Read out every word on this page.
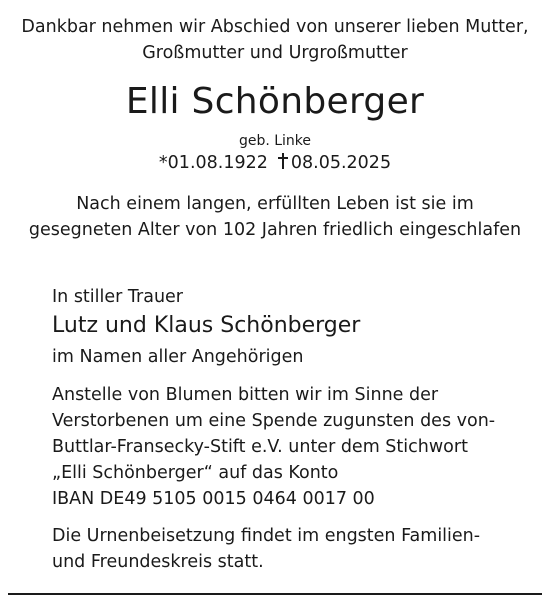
Dankbar nehmen wir Abschied von unserer lieben Mutter,

Großmutter und Urgroßmutter

Elli Schönberger
geb. Linke
*01.08.1922 08.05.2025

Nach einem langen, erfüllten Leben ist sie im

gesegneten Alter von 102 Jahren friedlich eingeschlafen

In stiller Trauer
Lutz und Klaus Schönberger
im Namen aller Angehörigen

Anstelle von Blumen bitten wir im Sinne der

Verstorbenen um eine Spende zugunsten des von-

Buttlar-Fransecky-Stift e.V. unter dem Stichwort

„Elli Schönberger“ auf das Konto

IBAN DE49 5105 0015 0464 0017 00

Die Urnenbeisetzung findet im engsten Familien-

und Freundeskreis statt.
